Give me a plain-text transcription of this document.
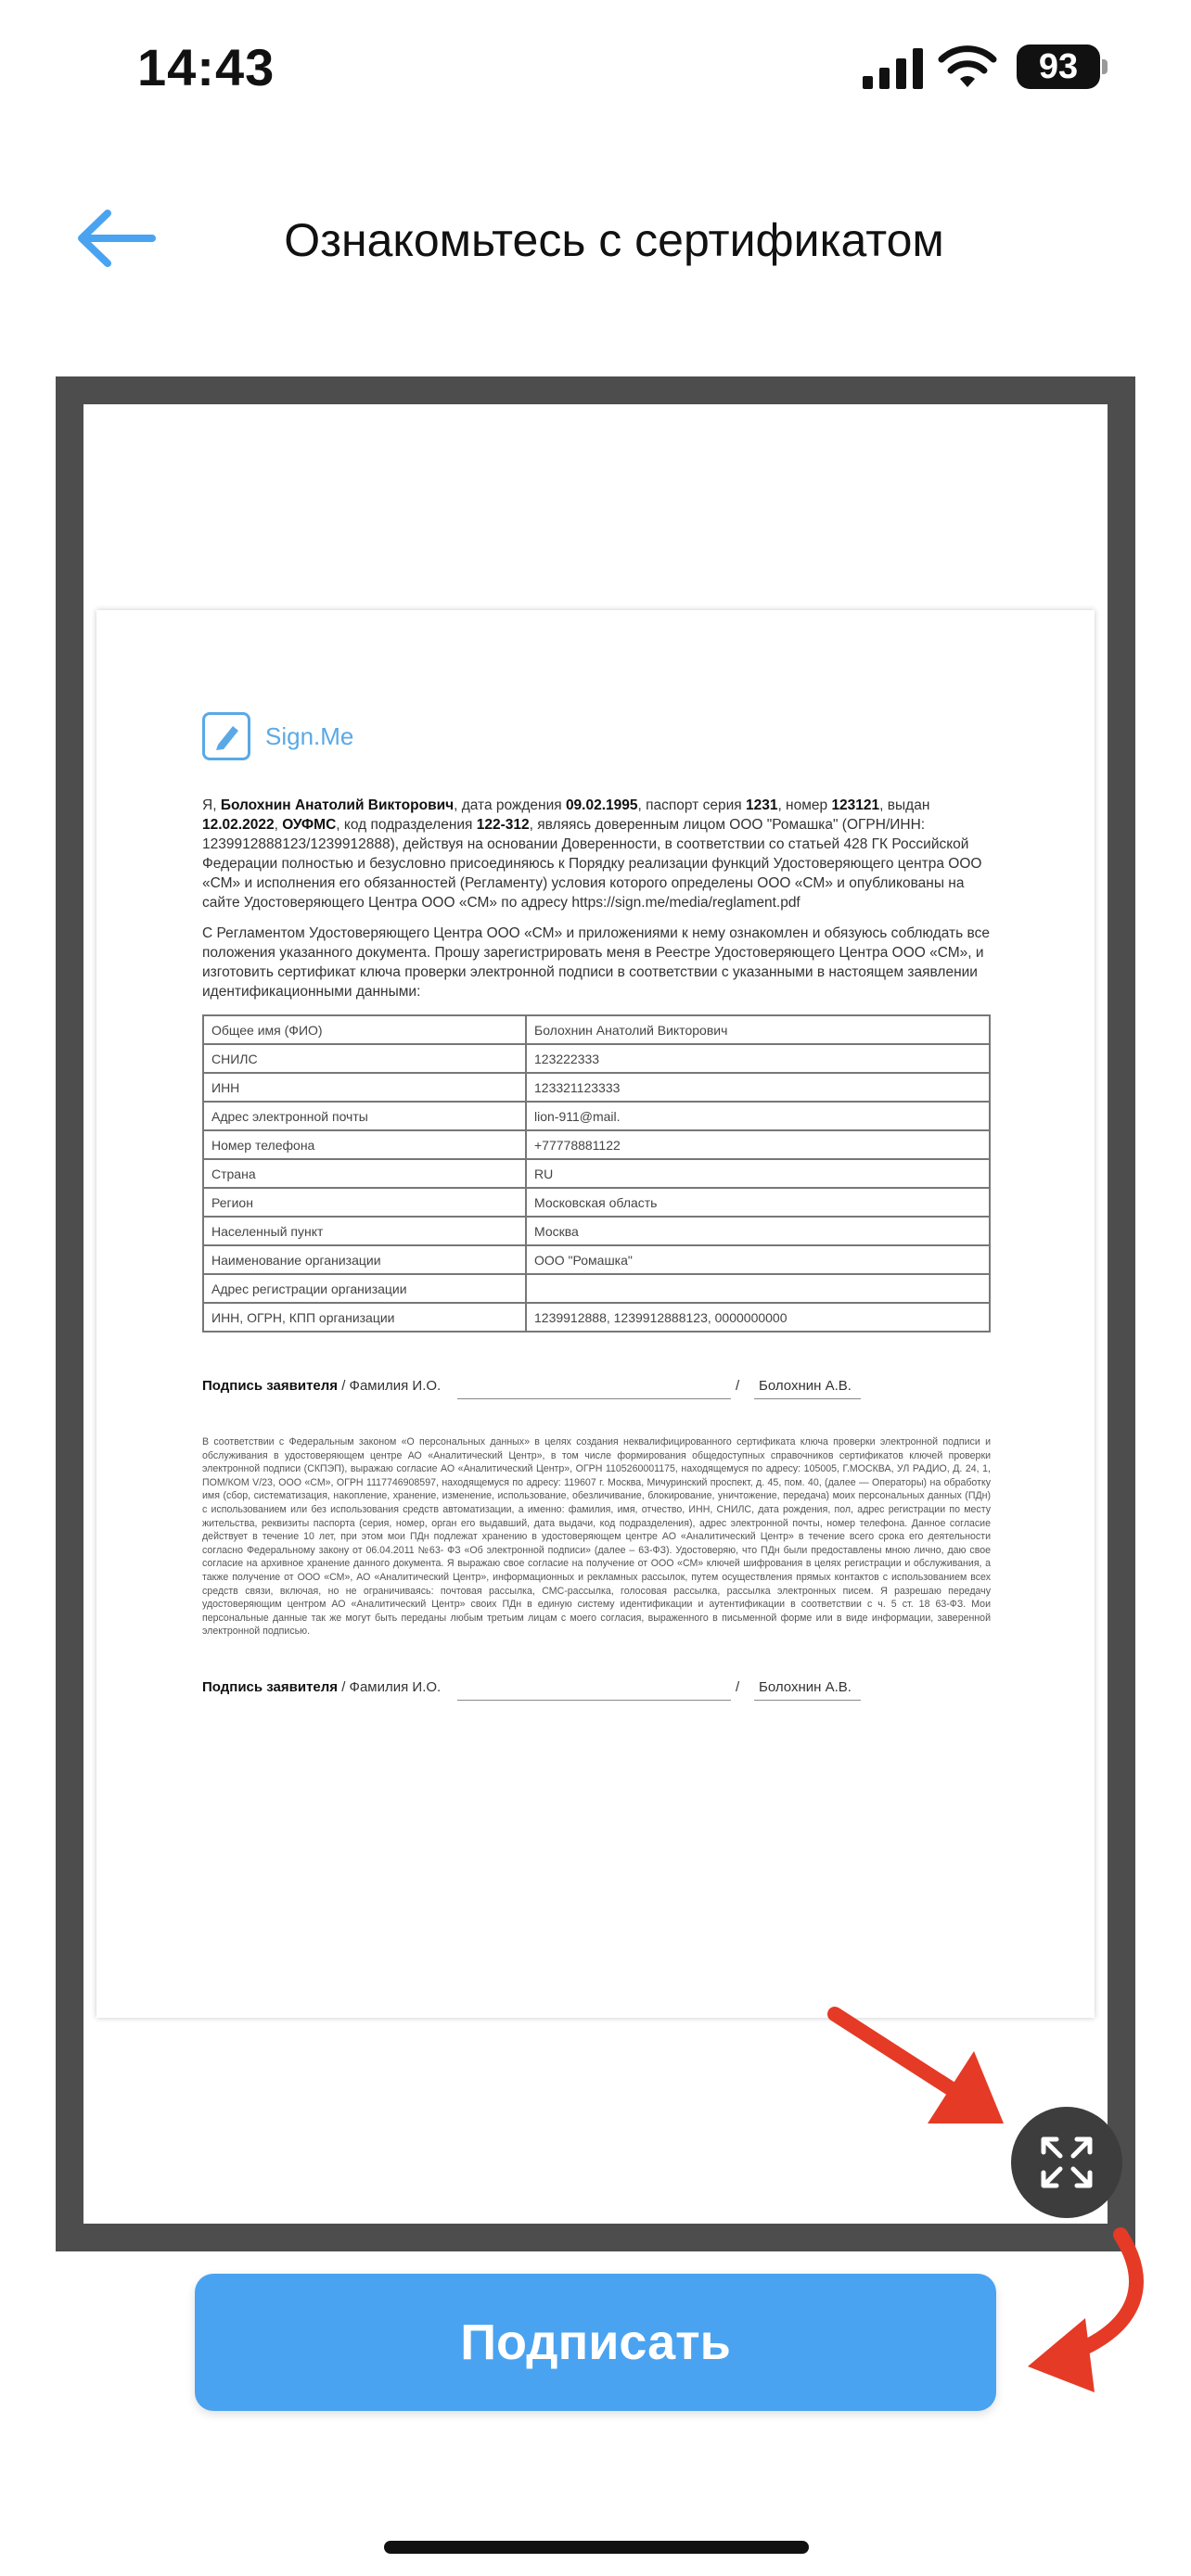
14:43	93
Ознакомьтесь с сертификатом
Sign.Me
Я, Болохнин Анатолий Викторович, дата рождения 09.02.1995, паспорт серия 1231, номер 123121, выдан 12.02.2022, ОУФМС, код подразделения 122-312, являясь доверенным лицом ООО "Ромашка" (ОГРН/ИНН: 1239912888123/1239912888), действуя на основании Доверенности, в соответствии со статьей 428 ГК Российской Федерации полностью и безусловно присоединяюсь к Порядку реализации функций Удостоверяющего центра ООО «СМ» и исполнения его обязанностей (Регламенту) условия которого определены ООО «СМ» и опубликованы на сайте Удостоверяющего Центра ООО «СМ» по адресу https://sign.me/media/reglament.pdf
С Регламентом Удостоверяющего Центра ООО «СМ» и приложениями к нему ознакомлен и обязуюсь соблюдать все положения указанного документа. Прошу зарегистрировать меня в Реестре Удостоверяющего Центра ООО «СМ», и изготовить сертификат ключа проверки электронной подписи в соответствии с указанными в настоящем заявлении идентификационными данными:
Общее имя (ФИО)	Болохнин Анатолий Викторович
СНИЛС	123222333
ИНН	123321123333
Адрес электронной почты	lion-911@mail.
Номер телефона	+77778881122
Страна	RU
Регион	Московская область
Населенный пункт	Москва
Наименование организации	ООО "Ромашка"
Адрес регистрации организации	
ИНН, ОГРН, КПП организации	1239912888, 1239912888123, 0000000000
Подпись заявителя / Фамилия И.О.	/ Болохнин А.В.
В соответствии с Федеральным законом «О персональных данных» в целях создания неквалифицированного сертификата ключа проверки электронной подписи и обслуживания в удостоверяющем центре АО «Аналитический Центр», в том числе формирования общедоступных справочников сертификатов ключей проверки электронной подписи (СКПЭП), выражаю согласие АО «Аналитический Центр», ОГРН 1105260001175, находящемуся по адресу: 105005, Г.МОСКВА, УЛ РАДИО, Д. 24, 1, ПОМ/КОМ V/23, ООО «СМ», ОГРН 1117746908597, находящемуся по адресу: 119607 г. Москва, Мичуринский проспект, д. 45, пом. 40, (далее — Операторы) на обработку имя (сбор, систематизация, накопление, хранение, изменение, использование, обезличивание, блокирование, уничтожение, передача) моих персональных данных (ПДн) с использованием или без использования средств автоматизации, а именно: фамилия, имя, отчество, ИНН, СНИЛС, дата рождения, пол, адрес регистрации по месту жительства, реквизиты паспорта (серия, номер, орган его выдавший, дата выдачи, код подразделения), адрес электронной почты, номер телефона. Данное согласие действует в течение 10 лет, при этом мои ПДн подлежат хранению в удостоверяющем центре АО «Аналитический Центр» в течение всего срока его деятельности согласно Федеральному закону от 06.04.2011 №63- ФЗ «Об электронной подписи» (далее – 63-ФЗ). Удостоверяю, что ПДн были предоставлены мною лично, даю свое согласие на архивное хранение данного документа. Я выражаю свое согласие на получение от ООО «СМ» ключей шифрования в целях регистрации и обслуживания, а также получение от ООО «СМ», АО «Аналитический Центр», информационных и рекламных рассылок, путем осуществления прямых контактов с использованием всех средств связи, включая, но не ограничиваясь: почтовая рассылка, СМС-рассылка, голосовая рассылка, рассылка электронных писем. Я разрешаю передачу удостоверяющим центром АО «Аналитический Центр» своих ПДн в единую систему идентификации и аутентификации в соответствии с ч. 5 ст. 18 63-ФЗ. Мои персональные данные так же могут быть переданы любым третьим лицам с моего согласия, выраженного в письменной форме или в виде информации, заверенной электронной подписью.
Подпись заявителя / Фамилия И.О.	/ Болохнин А.В.
Подписать
